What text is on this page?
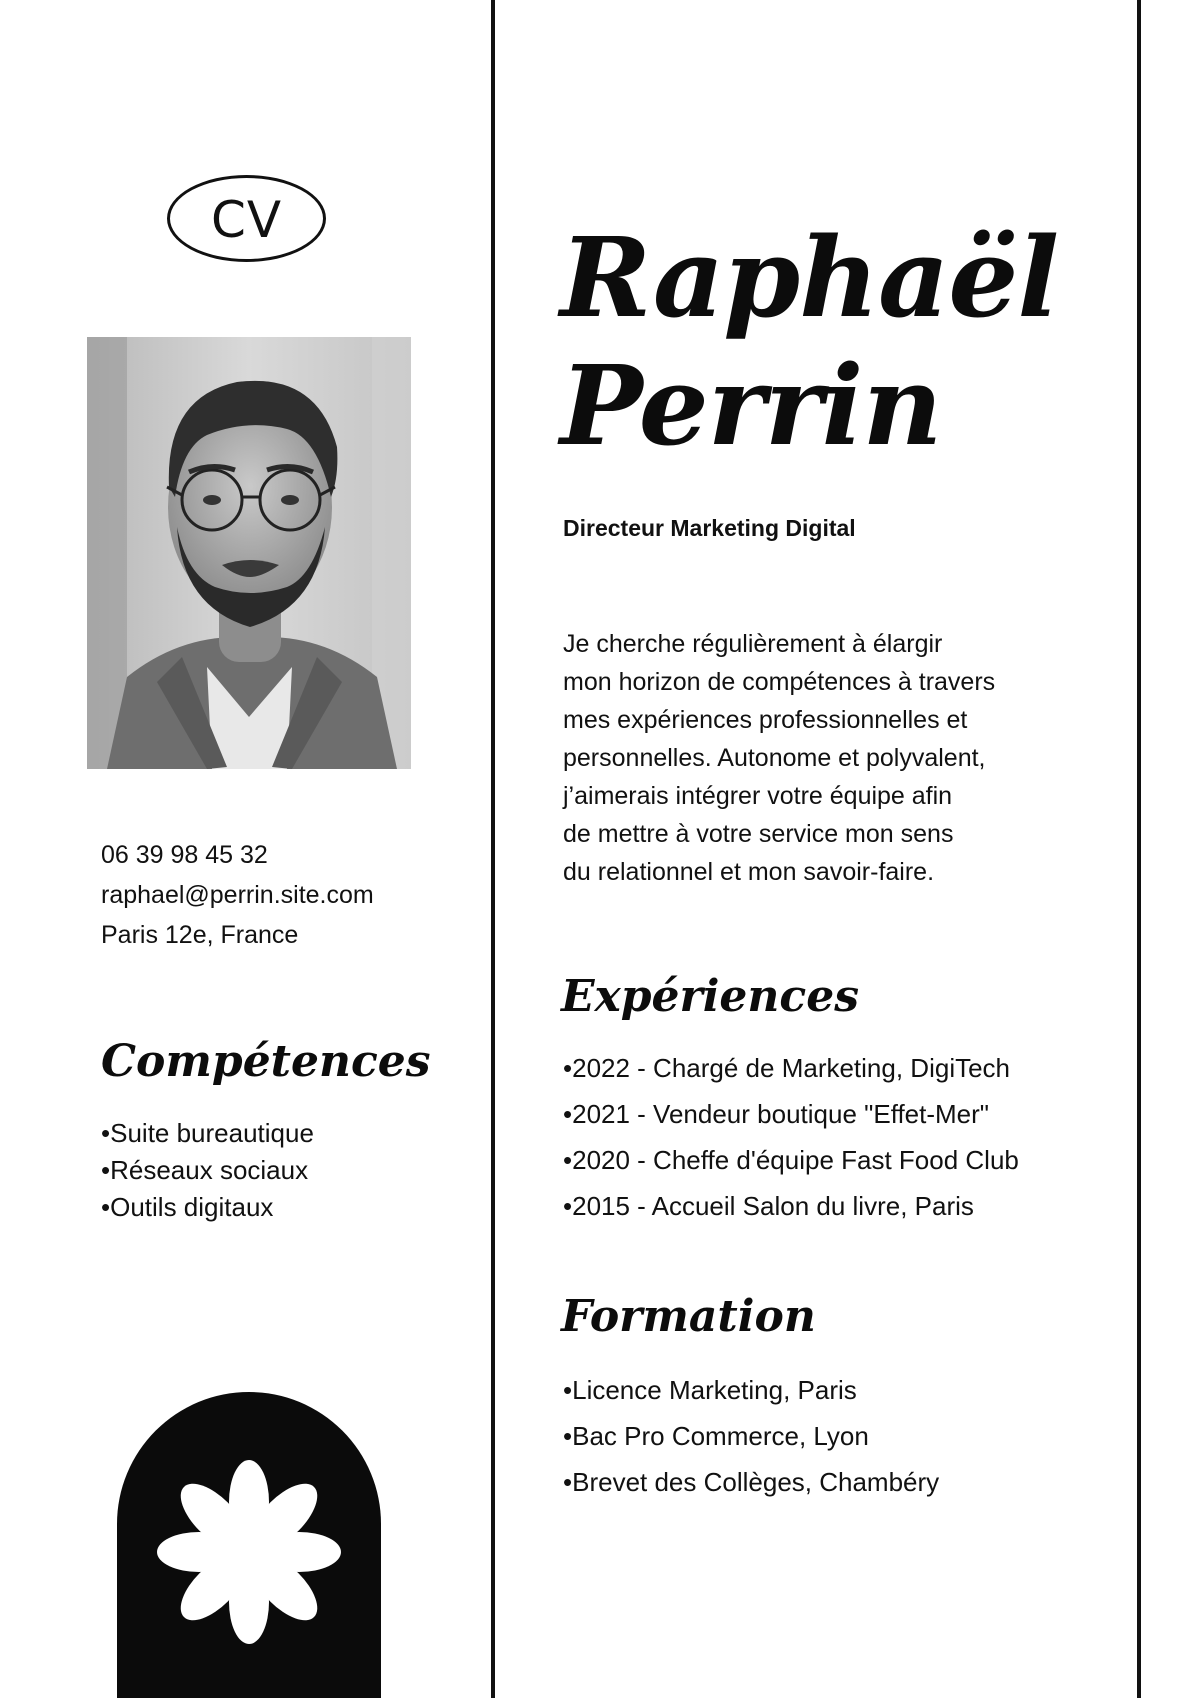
CV
06 39 98 45 32
raphael@perrin.site.com
Paris 12e, France
Compétences
• Suite bureautique
• Réseaux sociaux
• Outils digitaux
Raphaël
Perrin
Directeur Marketing Digital
Je cherche régulièrement à élargir
mon horizon de compétences à travers
mes expériences professionnelles et
personnelles. Autonome et polyvalent,
j’aimerais intégrer votre équipe afin
de mettre à votre service mon sens
du relationnel et mon savoir-faire.
Expériences
• 2022 - Chargé de Marketing, DigiTech
• 2021 - Vendeur boutique "Effet-Mer"
• 2020 - Cheffe d'équipe Fast Food Club
• 2015 - Accueil Salon du livre, Paris
Formation
• Licence Marketing, Paris
• Bac Pro Commerce, Lyon
• Brevet des Collèges, Chambéry
